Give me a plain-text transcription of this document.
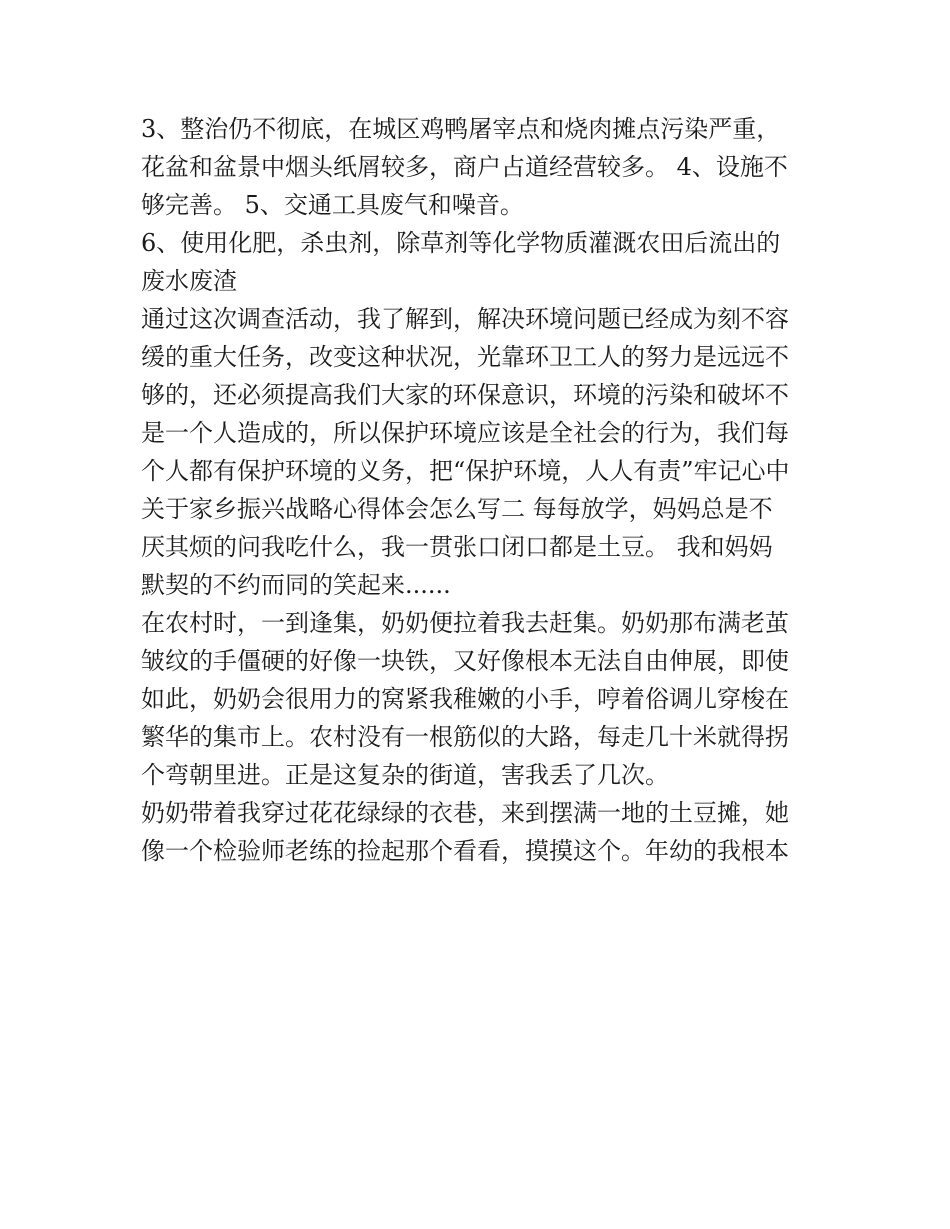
3、整治仍不彻底，在城区鸡鸭屠宰点和烧肉摊点污染严重，
花盆和盆景中烟头纸屑较多，商户占道经营较多。 4、设施不
够完善。 5、交通工具废气和噪音。
6、使用化肥，杀虫剂，除草剂等化学物质灌溉农田后流出的
废水废渣
通过这次调查活动，我了解到，解决环境问题已经成为刻不容
缓的重大任务，改变这种状况，光靠环卫工人的努力是远远不
够的，还必须提高我们大家的环保意识，环境的污染和破坏不
是一个人造成的，所以保护环境应该是全社会的行为，我们每
个人都有保护环境的义务，把“保护环境，人人有责”牢记心中
关于家乡振兴战略心得体会怎么写二 每每放学，妈妈总是不
厌其烦的问我吃什么，我一贯张口闭口都是土豆。 我和妈妈
默契的不约而同的笑起来......
在农村时，一到逢集，奶奶便拉着我去赶集。奶奶那布满老茧
皱纹的手僵硬的好像一块铁，又好像根本无法自由伸展，即使
如此，奶奶会很用力的窝紧我稚嫩的小手，哼着俗调儿穿梭在
繁华的集市上。农村没有一根筋似的大路，每走几十米就得拐
个弯朝里进。正是这复杂的街道，害我丢了几次。
奶奶带着我穿过花花绿绿的衣巷，来到摆满一地的土豆摊，她
像一个检验师老练的捡起那个看看，摸摸这个。年幼的我根本
